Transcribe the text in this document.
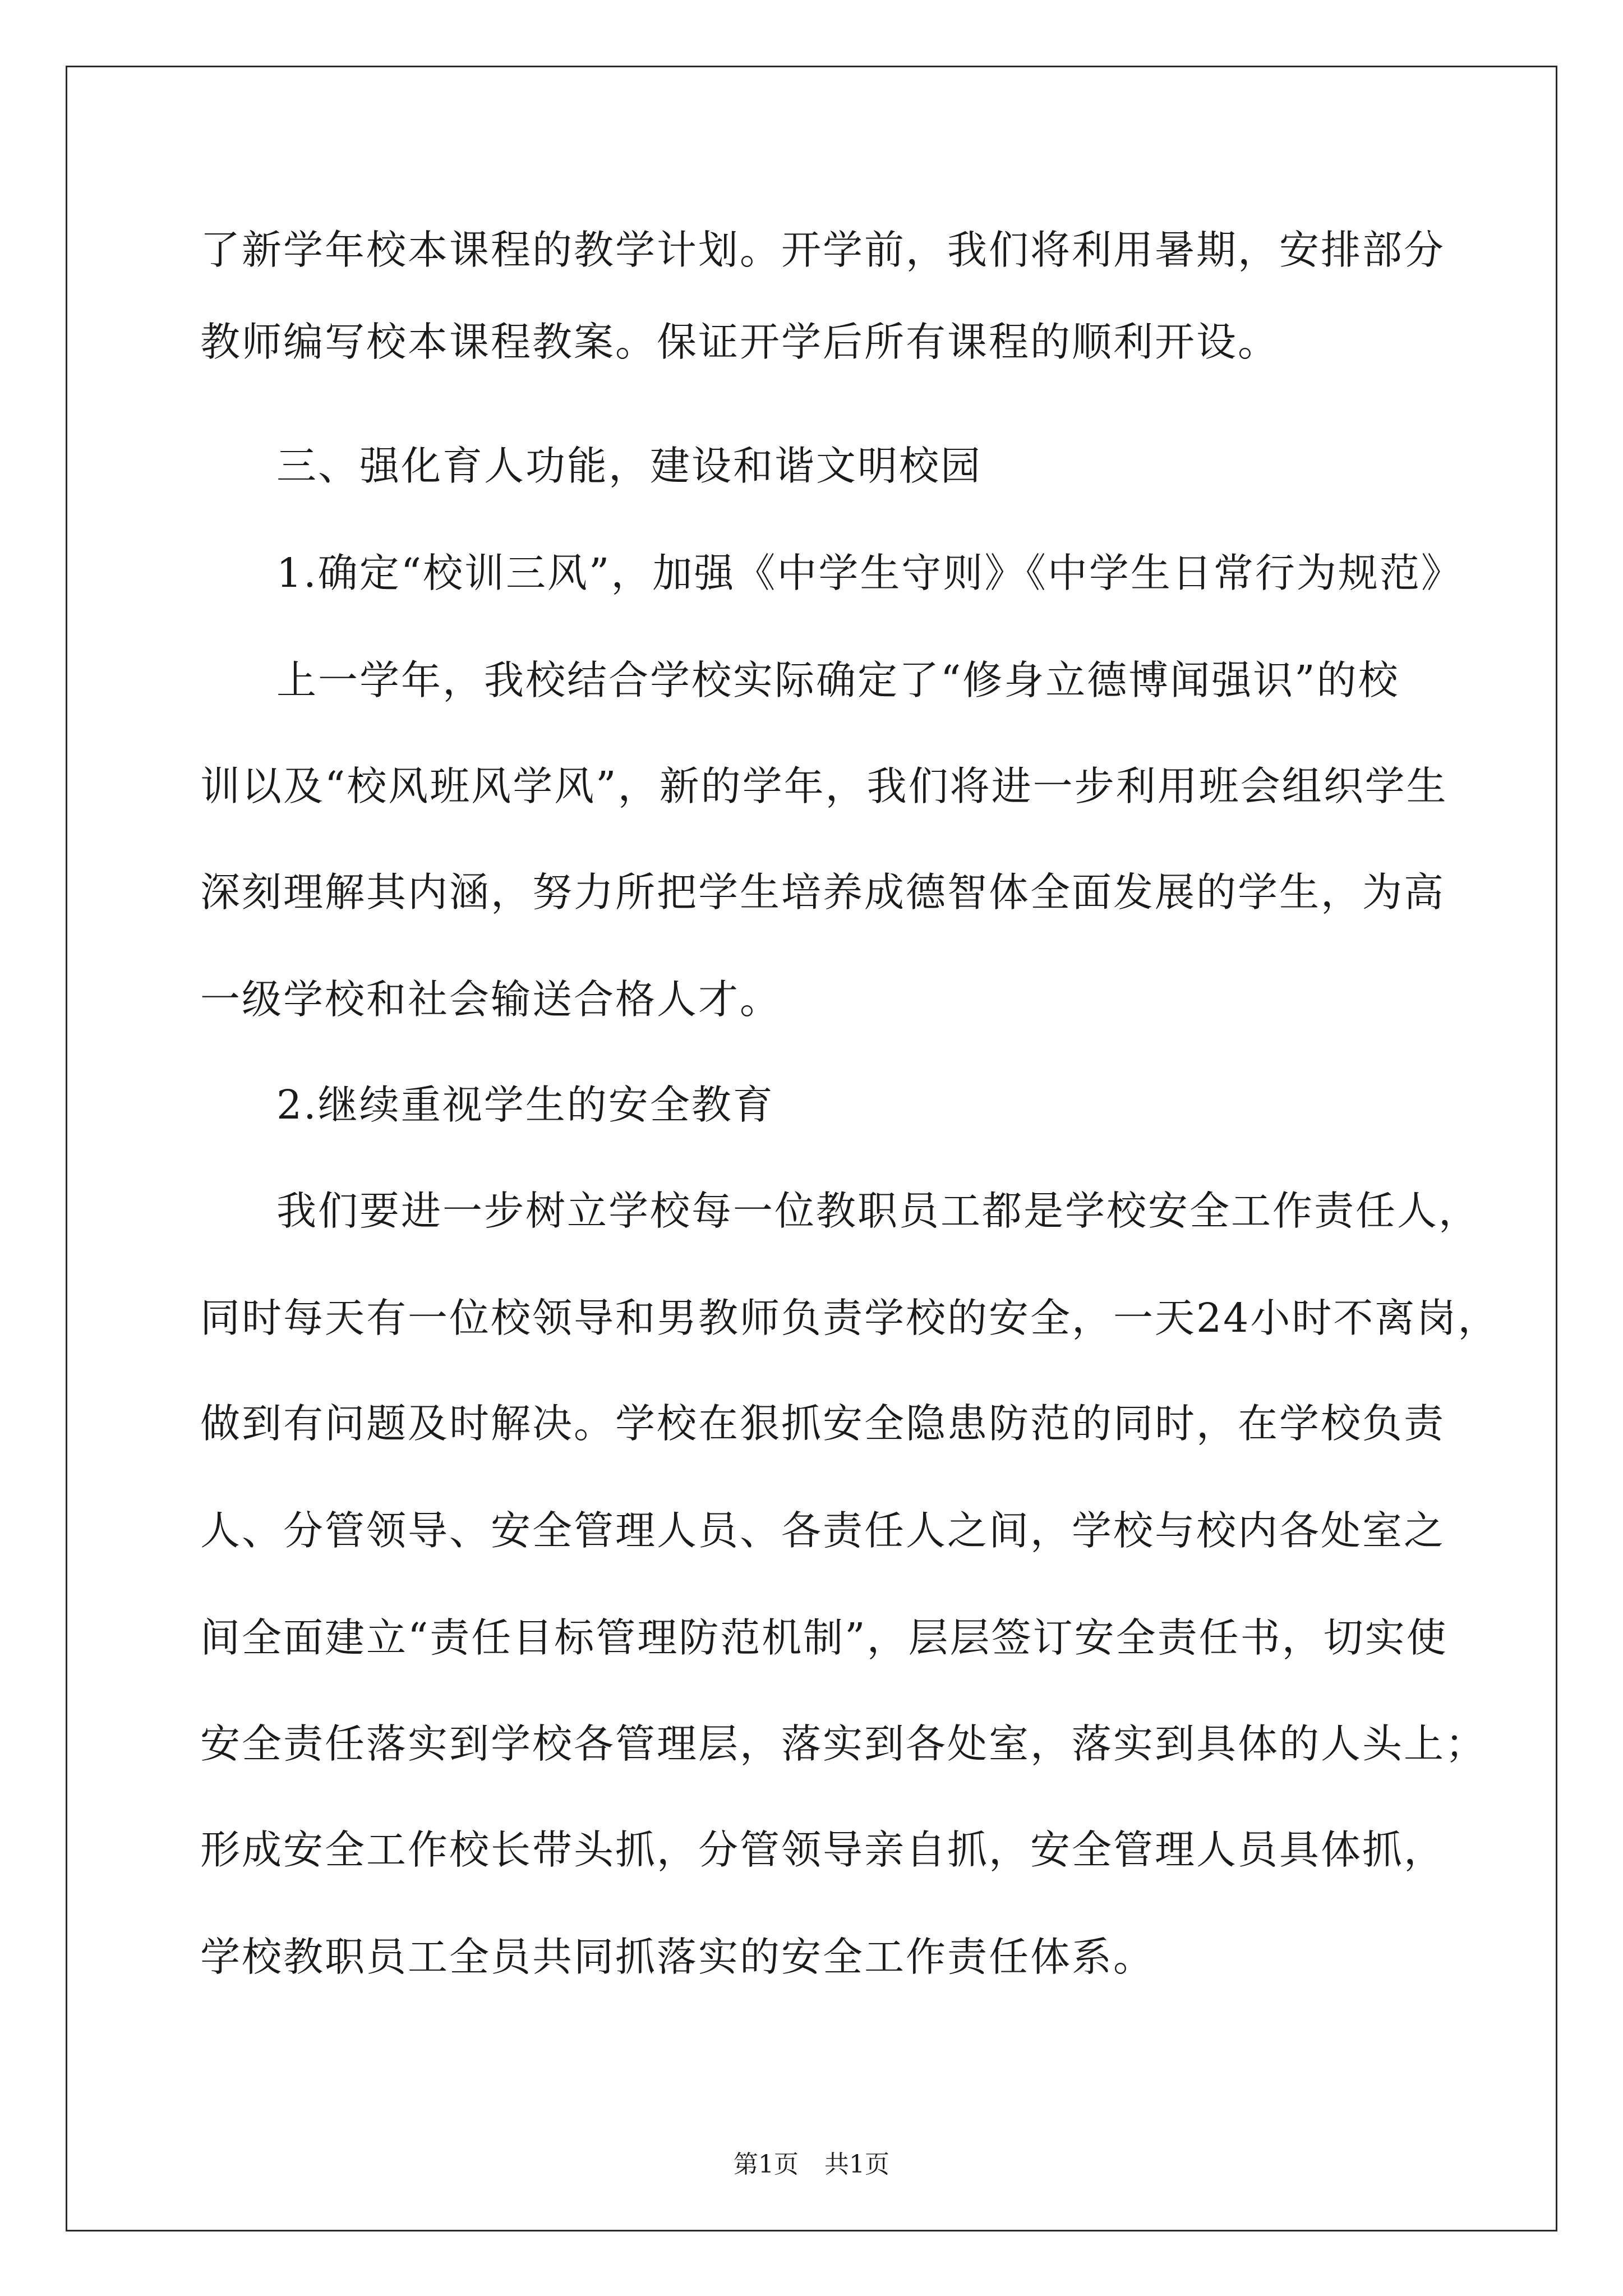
了新学年校本课程的教学计划。开学前，我们将利用暑期，安排部分
教师编写校本课程教案。保证开学后所有课程的顺利开设。
三、强化育人功能，建设和谐文明校园
1.确定“校训三风”，加强《中学生守则》《中学生日常行为规范》
上一学年，我校结合学校实际确定了“修身立德博闻强识”的校
训以及“校风班风学风”，新的学年，我们将进一步利用班会组织学生
深刻理解其内涵，努力所把学生培养成德智体全面发展的学生，为高
一级学校和社会输送合格人才。
2.继续重视学生的安全教育
我们要进一步树立学校每一位教职员工都是学校安全工作责任人，
同时每天有一位校领导和男教师负责学校的安全，一天24小时不离岗，
做到有问题及时解决。学校在狠抓安全隐患防范的同时，在学校负责
人、分管领导、安全管理人员、各责任人之间，学校与校内各处室之
间全面建立“责任目标管理防范机制”，层层签订安全责任书，切实使
安全责任落实到学校各管理层，落实到各处室，落实到具体的人头上；
形成安全工作校长带头抓，分管领导亲自抓，安全管理人员具体抓，
学校教职员工全员共同抓落实的安全工作责任体系。
第1页 共1页
